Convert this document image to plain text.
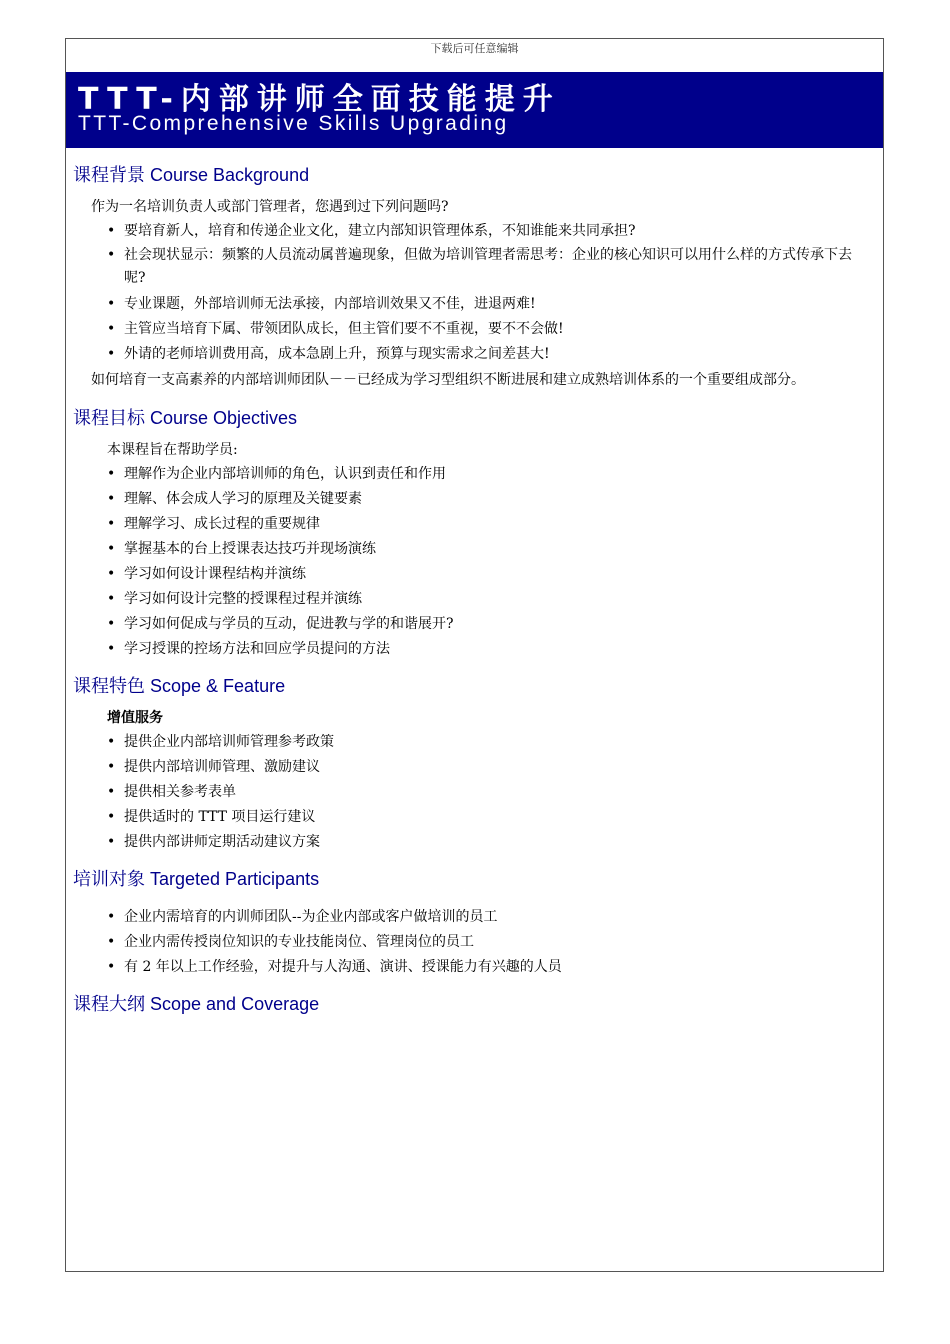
下载后可任意编辑
TTT-内部讲师全面技能提升
TTT-Comprehensive Skills Upgrading
课程背景 Course Background
作为一名培训负责人或部门管理者，您遇到过下列问题吗?
• 要培育新人，培育和传递企业文化，建立内部知识管理体系，不知谁能来共同承担?
• 社会现状显示：频繁的人员流动属普遍现象，但做为培训管理者需思考：企业的核心知识可以用什么样的方式传承下去呢?
• 专业课题，外部培训师无法承接，内部培训效果又不佳，进退两难!
• 主管应当培育下属、带领团队成长，但主管们要不不重视，要不不会做!
• 外请的老师培训费用高，成本急剧上升，预算与现实需求之间差甚大!
如何培育一支高素养的内部培训师团队－－已经成为学习型组织不断进展和建立成熟培训体系的一个重要组成部分。
课程目标 Course Objectives
本课程旨在帮助学员:
• 理解作为企业内部培训师的角色，认识到责任和作用
• 理解、体会成人学习的原理及关键要素
• 理解学习、成长过程的重要规律
• 掌握基本的台上授课表达技巧并现场演练
• 学习如何设计课程结构并演练
• 学习如何设计完整的授课程过程并演练
• 学习如何促成与学员的互动，促进教与学的和谐展开?
• 学习授课的控场方法和回应学员提问的方法
课程特色 Scope & Feature
增值服务
• 提供企业内部培训师管理参考政策
• 提供内部培训师管理、激励建议
• 提供相关参考表单
• 提供适时的 TTT 项目运行建议
• 提供内部讲师定期活动建议方案
培训对象 Targeted Participants
• 企业内需培育的内训师团队--为企业内部或客户做培训的员工
• 企业内需传授岗位知识的专业技能岗位、管理岗位的员工
• 有 2 年以上工作经验，对提升与人沟通、演讲、授课能力有兴趣的人员
课程大纲 Scope and Coverage
